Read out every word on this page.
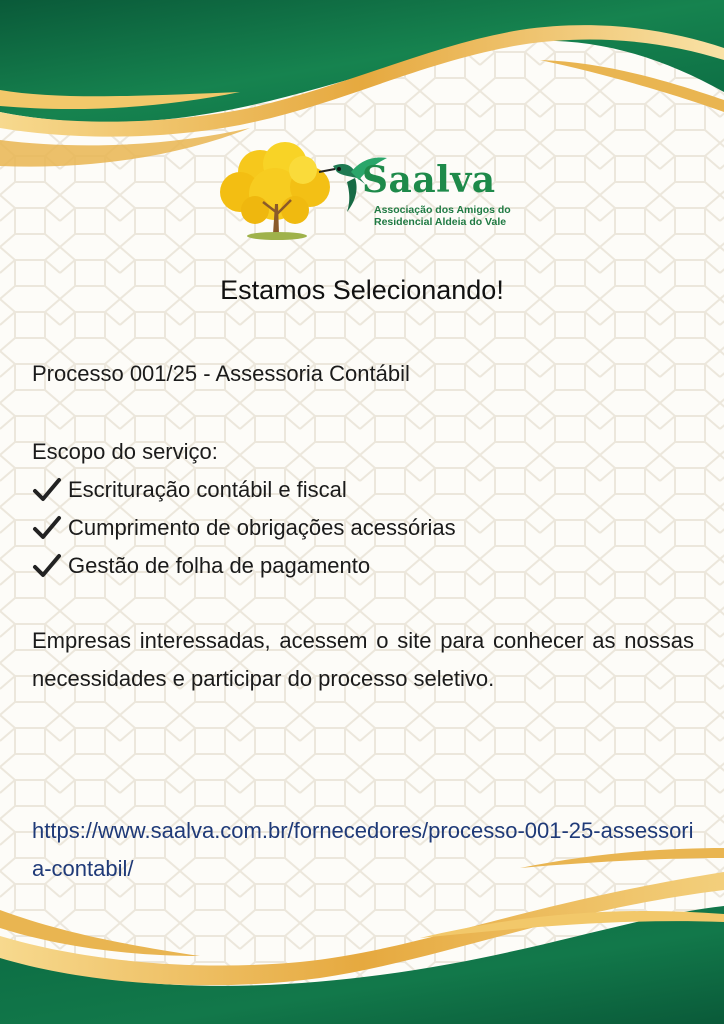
Saalva
Associação dos Amigos do
Residencial Aldeia do Vale
Estamos Selecionando!
Processo 001/25 - Assessoria Contábil
Escopo do serviço:
Escrituração contábil e fiscal
Cumprimento de obrigações acessórias
Gestão de folha de pagamento
Empresas interessadas, acessem o site para conhecer as nossas necessidades e participar do processo seletivo.
https://www.saalva.com.br/fornecedores/processo-001-25-assessoria-contabil/
